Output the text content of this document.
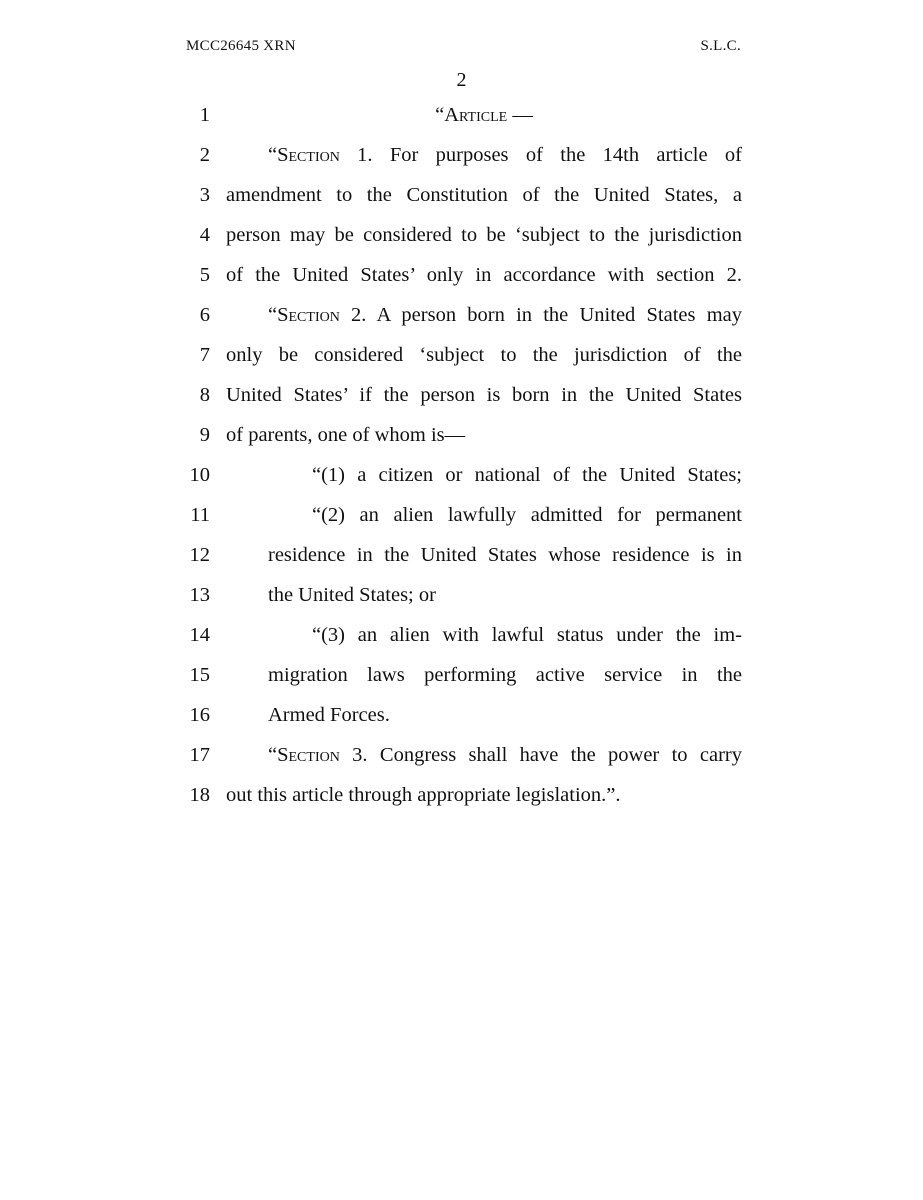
MCC26645 XRN	S.L.C.
2
1	“Article —
2	“Section 1. For purposes of the 14th article of
3 amendment to the Constitution of the United States, a
4 person may be considered to be ‘subject to the jurisdiction
5 of the United States’ only in accordance with section 2.
6	“Section 2. A person born in the United States may
7 only be considered ‘subject to the jurisdiction of the
8 United States’ if the person is born in the United States
9 of parents, one of whom is—
10	“(1) a citizen or national of the United States;
11	“(2) an alien lawfully admitted for permanent
12	residence in the United States whose residence is in
13	the United States; or
14	“(3) an alien with lawful status under the im-
15	migration laws performing active service in the
16	Armed Forces.
17	“Section 3. Congress shall have the power to carry
18 out this article through appropriate legislation.”.
